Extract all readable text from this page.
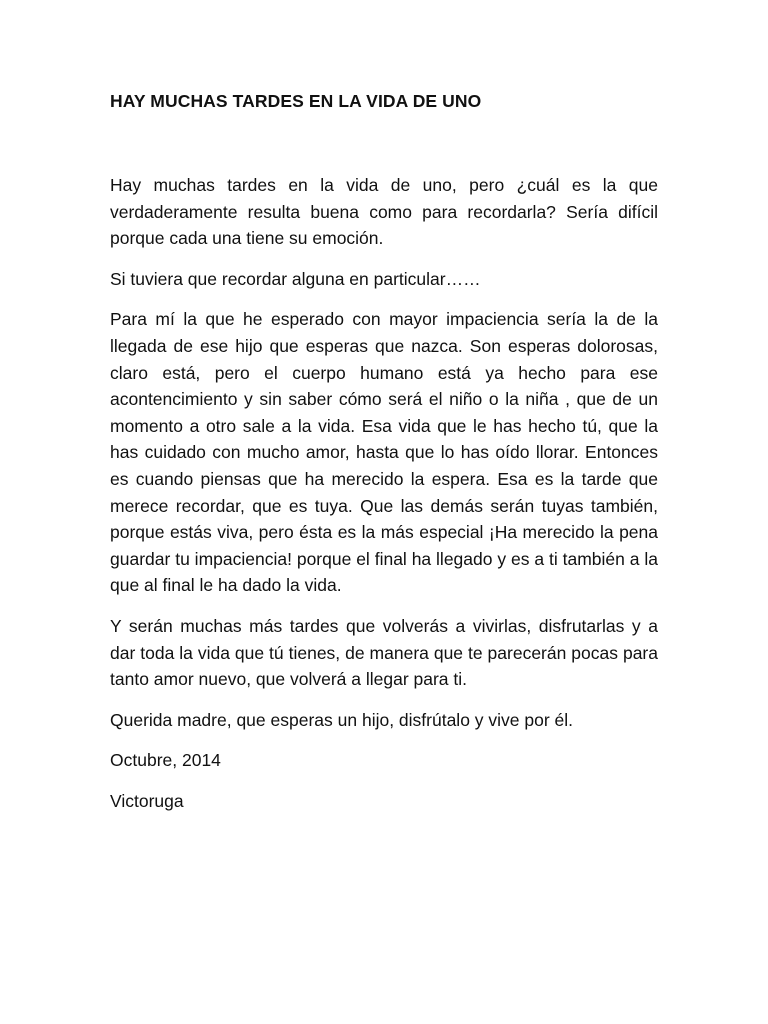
HAY MUCHAS TARDES EN LA VIDA DE UNO

Hay muchas tardes en la vida de uno, pero ¿cuál es la que verdaderamente resulta buena como para recordarla? Sería difícil porque cada una tiene su emoción.

Si tuviera que recordar alguna en particular……

Para mí la que he esperado con mayor impaciencia sería la de la llegada de ese hijo que esperas que nazca. Son esperas dolorosas, claro está, pero el cuerpo humano está ya hecho para ese acontencimiento y sin saber cómo será el niño o la niña , que de un momento a otro sale a la vida. Esa vida que le has hecho tú, que la has cuidado con mucho amor, hasta que lo has oído llorar. Entonces es cuando piensas que ha merecido la espera. Esa es la tarde que merece recordar, que es tuya. Que las demás serán tuyas también, porque estás viva, pero ésta es la más especial ¡Ha merecido la pena guardar tu impaciencia! porque el final ha llegado y es a ti también a la que al final le ha dado la vida.

Y serán muchas más tardes que volverás a vivirlas, disfrutarlas y a dar toda la vida que tú tienes, de manera que te parecerán pocas para tanto amor nuevo, que volverá a llegar para ti.

Querida madre, que esperas un hijo, disfrútalo y vive por él.

Octubre, 2014

Victoruga
